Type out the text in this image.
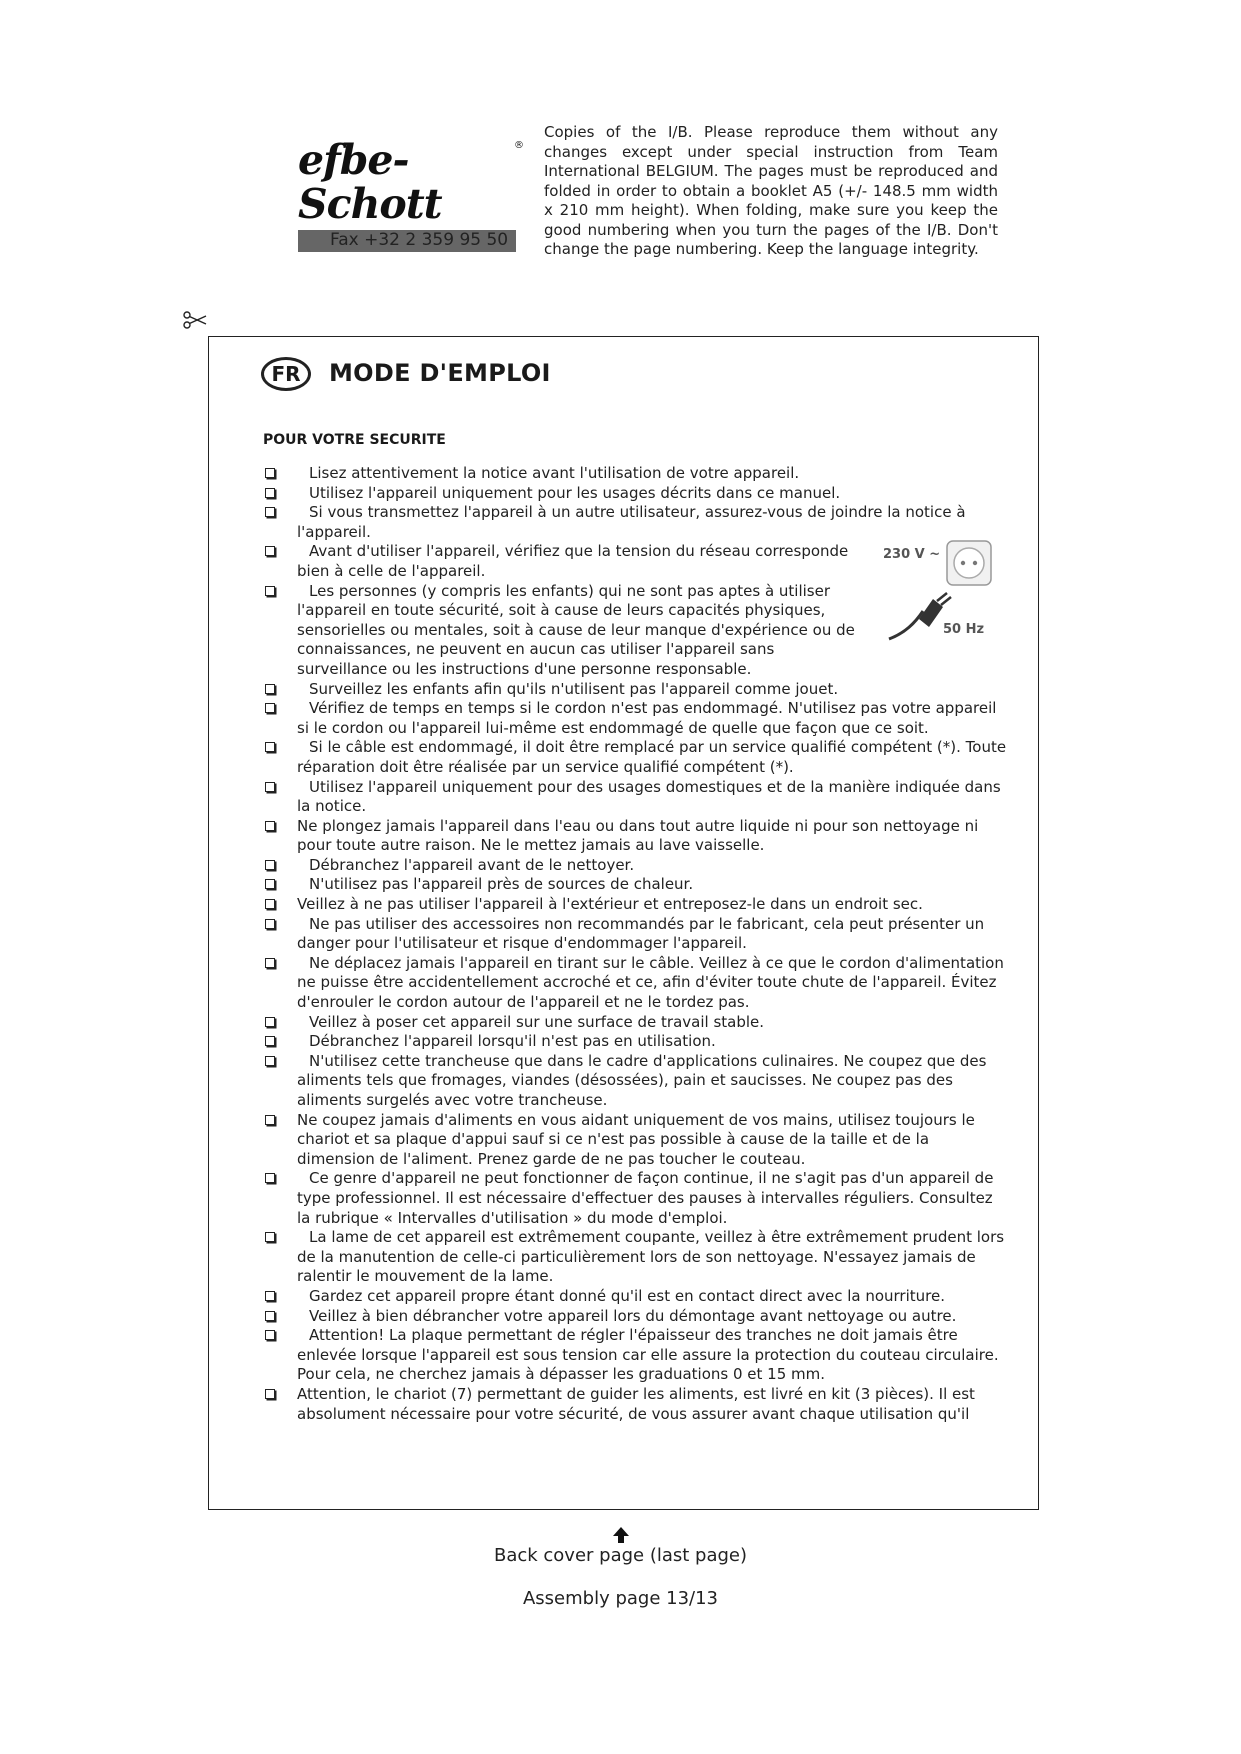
efbe-Schott
®
Fax +32 2 359 95 50
Copies of the I/B. Please reproduce them without any changes except under special instruction from Team International BELGIUM. The pages must be reproduced and folded in order to obtain a booklet A5 (+/- 148.5 mm width x 210 mm height). When folding, make sure you keep the good numbering when you turn the pages of the I/B. Don't change the page numbering. Keep the language integrity.
FR	MODE D'EMPLOI
POUR VOTRE SECURITE
230 V ~
50 Hz
Lisez attentivement la notice avant l'utilisation de votre appareil.
Utilisez l'appareil uniquement pour les usages décrits dans ce manuel.
Si vous transmettez l'appareil à un autre utilisateur, assurez-vous de joindre la notice à l'appareil.
Avant d'utiliser l'appareil, vérifiez que la tension du réseau corresponde bien à celle de l'appareil.
Les personnes (y compris les enfants) qui ne sont pas aptes à utiliser l'appareil en toute sécurité, soit à cause de leurs capacités physiques, sensorielles ou mentales, soit à cause de leur manque d'expérience ou de connaissances, ne peuvent en aucun cas utiliser l'appareil sans surveillance ou les instructions d'une personne responsable.
Surveillez les enfants afin qu'ils n'utilisent pas l'appareil comme jouet.
Vérifiez de temps en temps si le cordon n'est pas endommagé. N'utilisez pas votre appareil si le cordon ou l'appareil lui-même est endommagé de quelle que façon que ce soit.
Si le câble est endommagé, il doit être remplacé par un service qualifié compétent (*). Toute réparation doit être réalisée par un service qualifié compétent (*).
Utilisez l'appareil uniquement pour des usages domestiques et de la manière indiquée dans la notice.
Ne plongez jamais l'appareil dans l'eau ou dans tout autre liquide ni pour son nettoyage ni pour toute autre raison. Ne le mettez jamais au lave vaisselle.
Débranchez l'appareil avant de le nettoyer.
N'utilisez pas l'appareil près de sources de chaleur.
Veillez à ne pas utiliser l'appareil à l'extérieur et entreposez-le dans un endroit sec.
Ne pas utiliser des accessoires non recommandés par le fabricant, cela peut présenter un danger pour l'utilisateur et risque d'endommager l'appareil.
Ne déplacez jamais l'appareil en tirant sur le câble. Veillez à ce que le cordon d'alimentation ne puisse être accidentellement accroché et ce, afin d'éviter toute chute de l'appareil. Évitez d'enrouler le cordon autour de l'appareil et ne le tordez pas.
Veillez à poser cet appareil sur une surface de travail stable.
Débranchez l'appareil lorsqu'il n'est pas en utilisation.
N'utilisez cette trancheuse que dans le cadre d'applications culinaires. Ne coupez que des aliments tels que fromages, viandes (désossées), pain et saucisses. Ne coupez pas des aliments surgelés avec votre trancheuse.
Ne coupez jamais d'aliments en vous aidant uniquement de vos mains, utilisez toujours le chariot et sa plaque d'appui sauf si ce n'est pas possible à cause de la taille et de la dimension de l'aliment. Prenez garde de ne pas toucher le couteau.
Ce genre d'appareil ne peut fonctionner de façon continue, il ne s'agit pas d'un appareil de type professionnel. Il est nécessaire d'effectuer des pauses à intervalles réguliers. Consultez la rubrique « Intervalles d'utilisation » du mode d'emploi.
La lame de cet appareil est extrêmement coupante, veillez à être extrêmement prudent lors de la manutention de celle-ci particulièrement lors de son nettoyage. N'essayez jamais de ralentir le mouvement de la lame.
Gardez cet appareil propre étant donné qu'il est en contact direct avec la nourriture.
Veillez à bien débrancher votre appareil lors du démontage avant nettoyage ou autre.
Attention! La plaque permettant de régler l'épaisseur des tranches ne doit jamais être enlevée lorsque l'appareil est sous tension car elle assure la protection du couteau circulaire. Pour cela, ne cherchez jamais à dépasser les graduations 0 et 15 mm.
Attention, le chariot (7) permettant de guider les aliments, est livré en kit (3 pièces). Il est absolument nécessaire pour votre sécurité, de vous assurer avant chaque utilisation qu'il
Back cover page (last page)
Assembly page 13/13
